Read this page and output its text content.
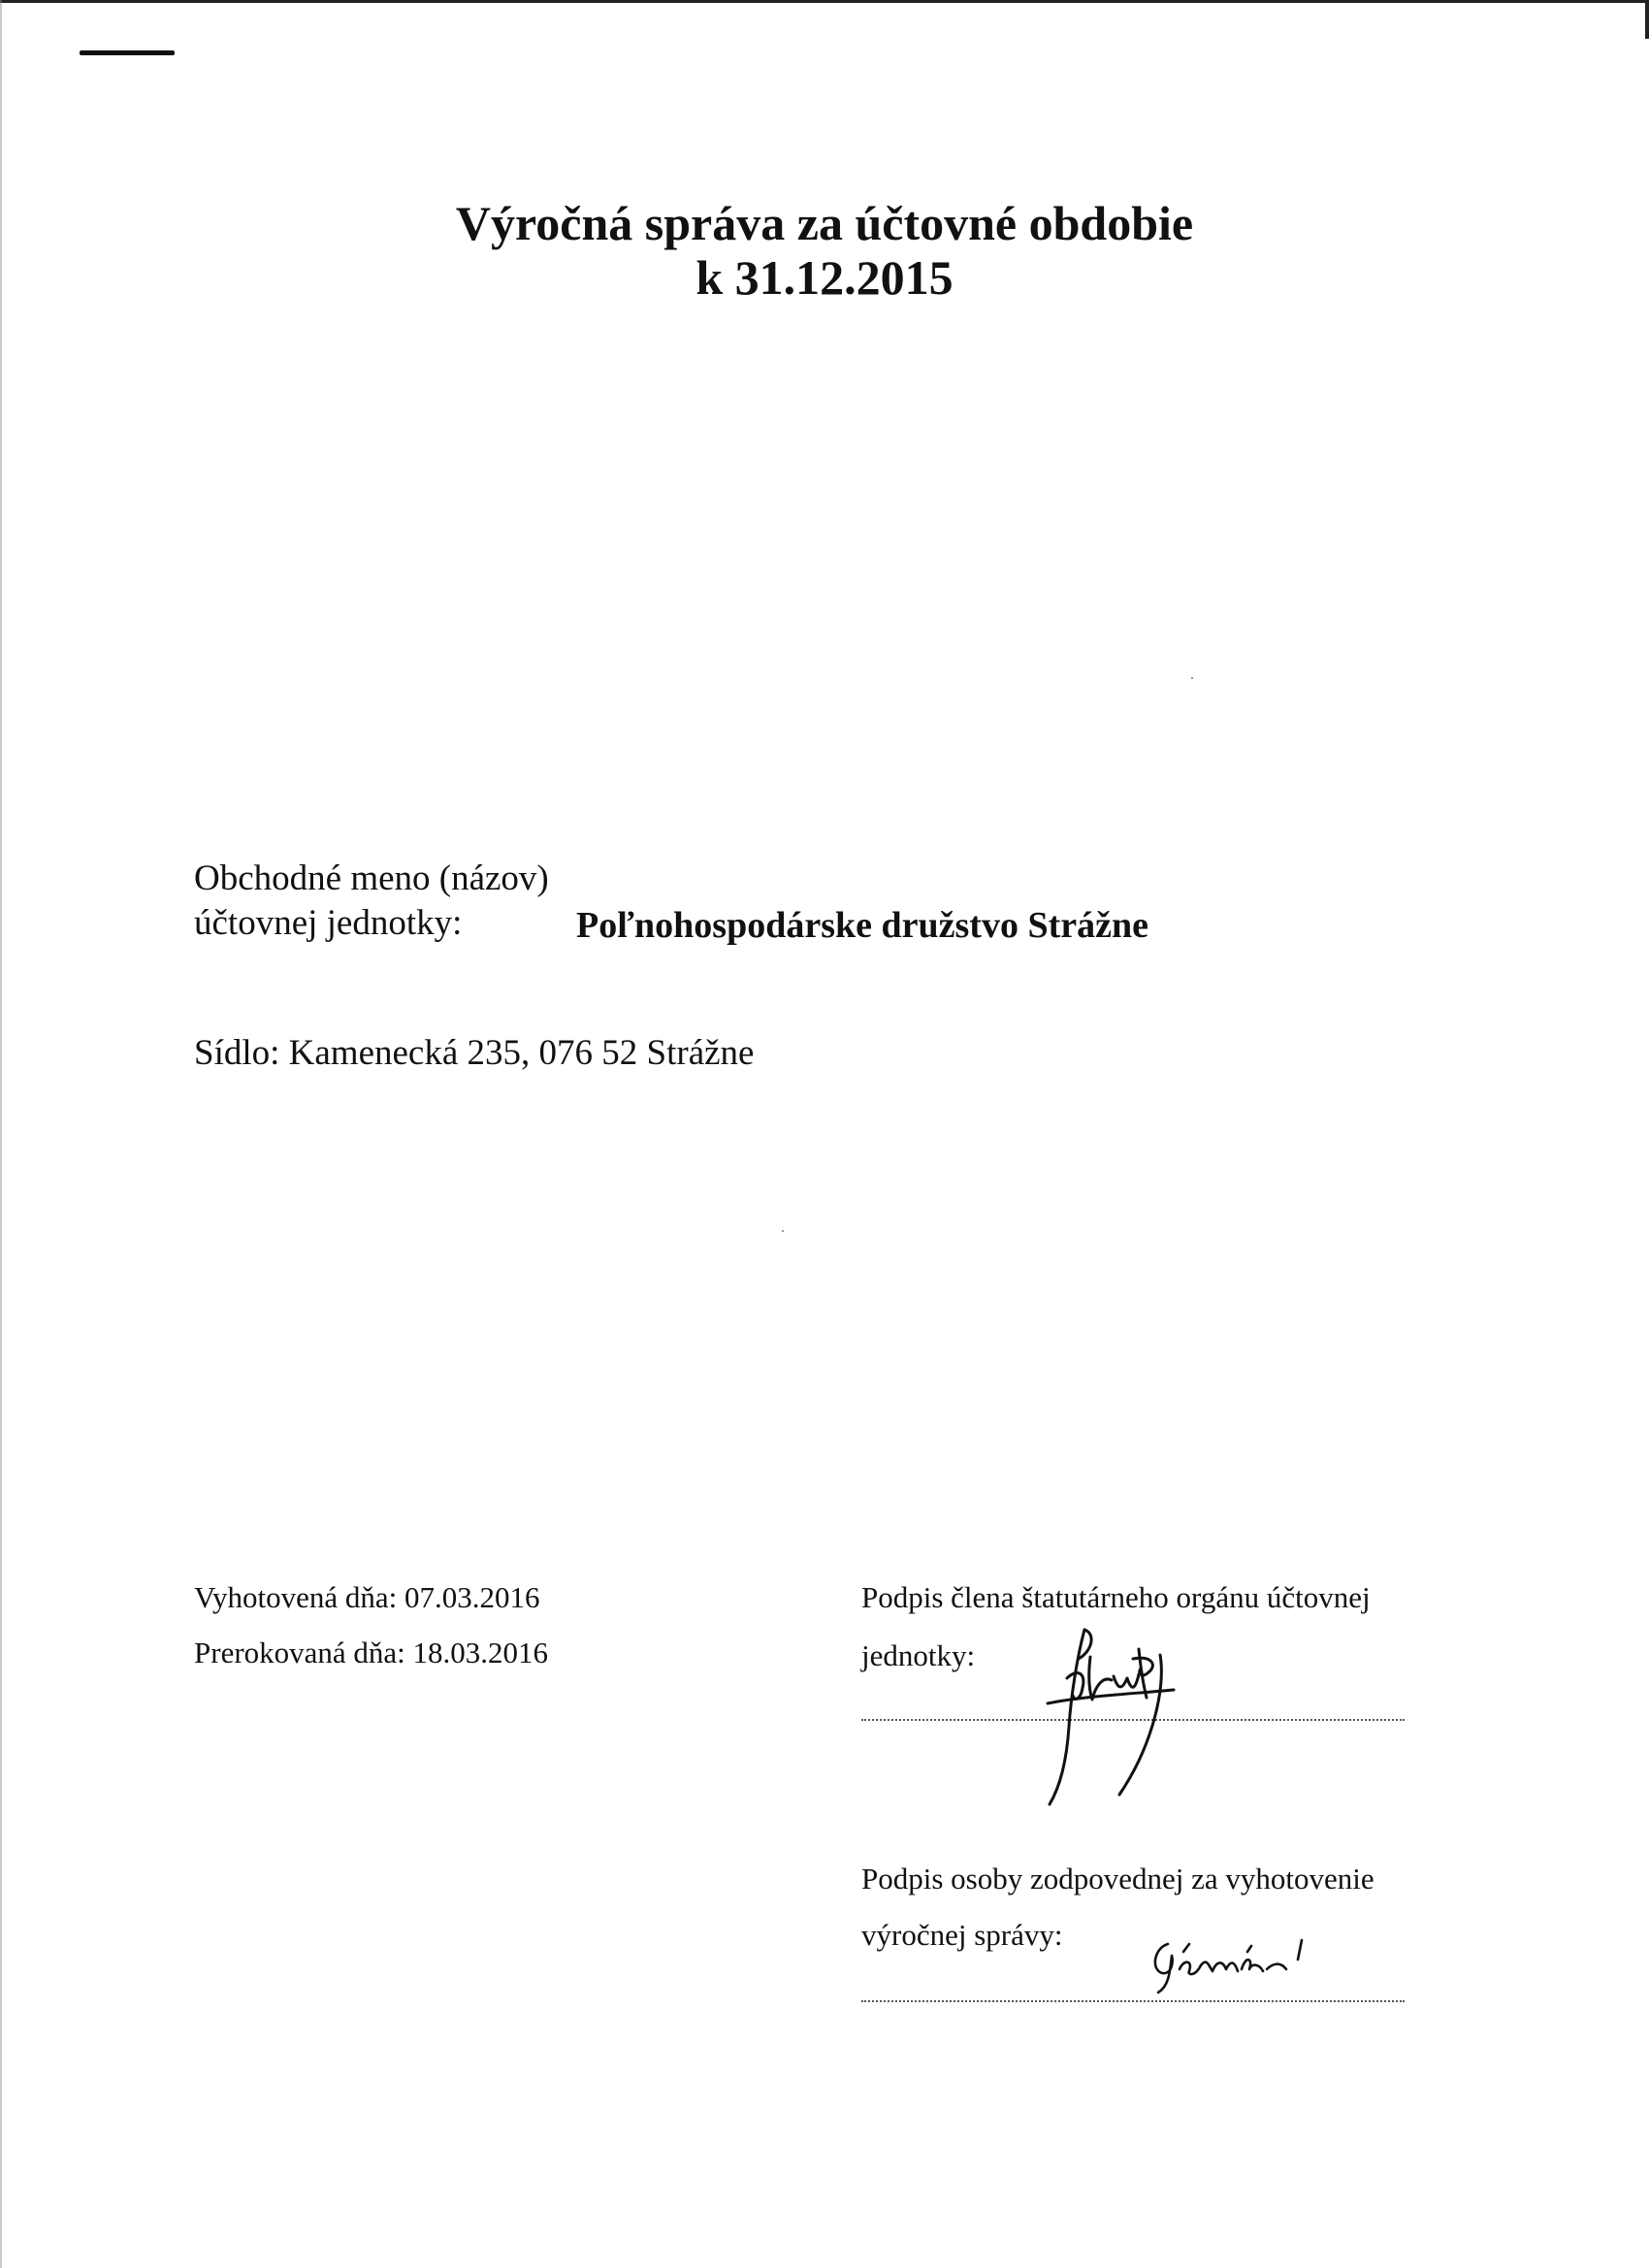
Výročná správa za účtovné obdobie
k 31.12.2015
Obchodné meno (názov)
účtovnej jednotky:	Poľnohospodárske družstvo Strážne
Sídlo: Kamenecká 235, 076 52 Strážne
Vyhotovená dňa: 07.03.2016
Prerokovaná dňa: 18.03.2016
Podpis člena štatutárneho orgánu účtovnej
jednotky:
Podpis osoby zodpovednej za vyhotovenie
výročnej správy:
